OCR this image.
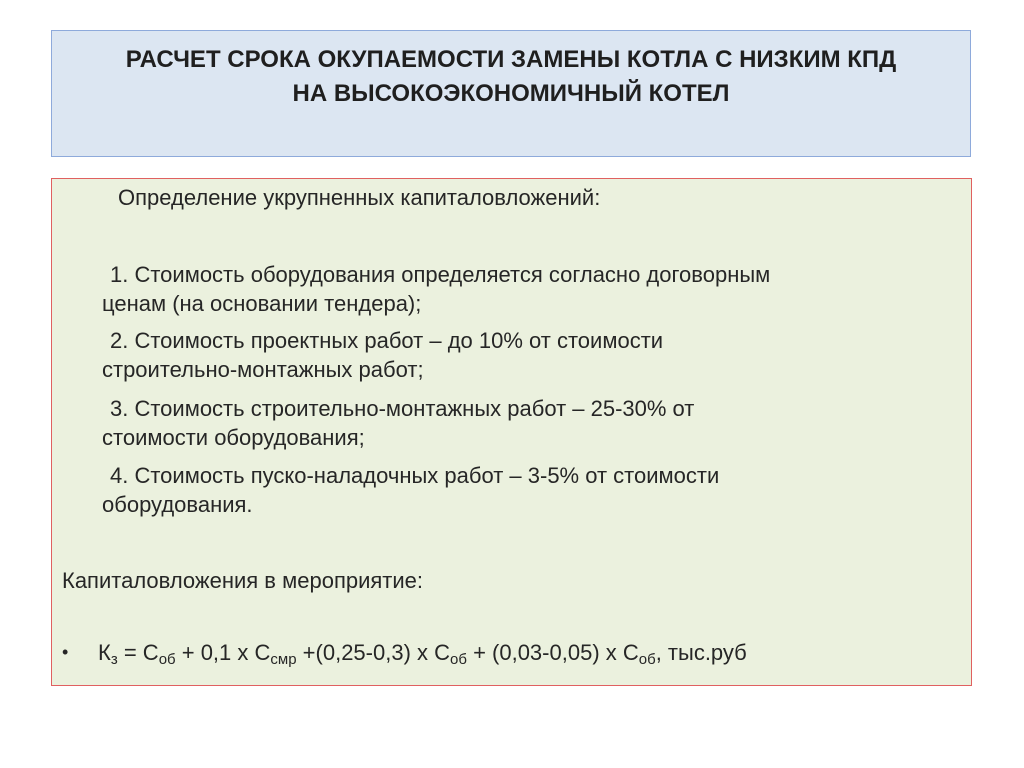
РАСЧЕТ СРОКА ОКУПАЕМОСТИ ЗАМЕНЫ КОТЛА С НИЗКИМ КПД
НА ВЫСОКОЭКОНОМИЧНЫЙ КОТЕЛ
Определение укрупненных капиталовложений:
1. Стоимость оборудования определяется согласно договорным
ценам (на основании тендера);
2. Стоимость проектных работ – до 10% от стоимости
строительно-монтажных работ;
3. Стоимость строительно-монтажных работ – 25-30% от
стоимости оборудования;
4. Стоимость пуско-наладочных работ – 3-5% от стоимости
оборудования.
Капиталовложения в мероприятие:
• $К_з = С_{об} + 0,1$ х $С_{смр} +(0,25-0,3)$ х $С_{об} + (0,03-0,05)$ х $С_{об}$, тыс.руб
